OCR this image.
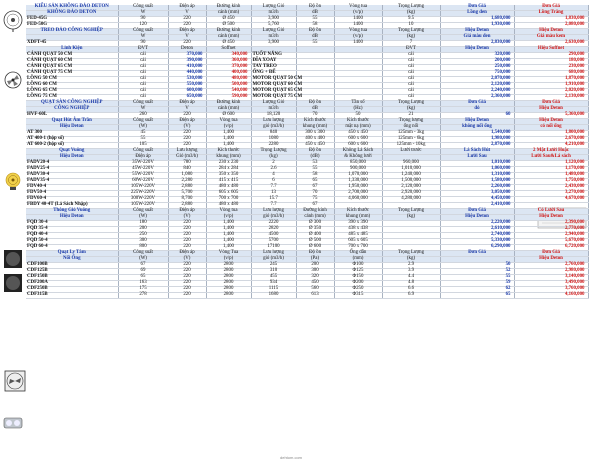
KIỂU SẢN KHÔNG ĐẢO DETON	Công suất	Điện áp	Đường kính	Lượng Gió	Độ ồn	Vòng tua	Trọng Lượng	Đơn Giá	Đơn Giá
KHÔNG ĐẢO DETON	W	V	cánh (mm)	m3/h	dB	(v/p)	(kg)	Lồng đen	Lồng Trắng
FED-45G	90	220	Ø 450	3,900	55	1400	9.5	1,680,000	1,830,000
FED-50G	120	220	Ø 500	5,760	58	1400	10	1,930,000	2,080,000
TREO ĐẢO CÔNG NGHIỆP	Công suất	Điện áp	Đường kính	Lượng Gió	Độ ồn	Vòng tua	Trọng Lượng	Hiệu Deton	Hiệu Deton
	W	V	cánh (mm)	m3/h	dB	(v/p)	(kg)	Giá màu đen	Giá màu kem
XDFT-45	90	220	Ø 450	3,900	55	1400	7	2,830,000	2,630,000
Linh Kiện	ĐVT	Deton	Soffnet				ĐVT	Hiệu Deton	Hiệu Soffnet
CÁNH QUẠT 50 CM	cái	370,000	340,000	TUỐT NĂNG			cái	320,000	290,000
CÁNH QUẠT 60 CM	cái	390,000	360,000	ĐĨA XOAY			cái	200,000	180,000
CÁNH QUẠT 65 CM	cái	410,000	370,000	TAY TREO			cái	250,000	230,000
CÁNH QUẠT 75 CM	cái	440,000	400,000	ỐNG + ĐẾ			cái	750,000	680,000
LỒNG 50 CM	cái	530,000	480,000	MOTOR QUẠT 50 CM			cái	2,070,000	1,870,000
LỒNG 60 CM	cái	550,000	500,000	MOTOR QUẠT 60 CM			cái	2,120,000	1,910,000
LỒNG 65 CM	cái	600,000	540,000	MOTOR QUẠT 65 CM			cái	2,240,000	2,020,000
LỒNG 75 CM	cái	650,000	590,000	MOTOR QUẠT 75 CM			cái	2,360,000	2,130,000
QUẠT SÀN CÔNG NGHIỆP	Công suất	Điện áp	Đường kính	Lượng Gió	Độ ồn	Tần số	Trọng Lượng	Đơn Giá	Đơn Giá
CÔNG NGHIỆP	W	V	cánh (mm)	m3/h	dB	(Hz)	(kg)	đỏ	Hiệu Deton
HVF-60L	260	220	Ø 600	18,120	70	50	21	60	5,360,000
Quạt Hút Âm Trần	Công suất	Điện áp	Vòng tua	Lưu lượng	Kích thước	Kích thước	Trọng lượng	Hiệu Deton	Hiệu Deton
Hiệu Deton	(W)	(V)	(v/p)	gió (m3/h)	khung (mm)	mặt nạ (mm)	ống nối	không nối ống	có nối ống
AT 300	45	220	1,400	840	300 x 300	450 x 450	125mm - 3kg	1,540,000	1,800,000
AT 400-1 (hộp số)	55	220	1,400	1080	400 x 400	600 x 600	125mm - 6kg	1,980,000	2,670,000
AT 600-2 (hộp số)	105	220	1,400	2280	450 x 450	600 x 600	125mm - 10kg	2,870,000	4,210,000
Quạt Vuông	Công suất	Lưu lượng	Kích thước	Trọng Lượng	Độ ồn	Không Lá Sách	Lưới trước	Lá Sách Hút	2 Mặt Lưới Hoặc
Hiệu Deton	Điện áp	Gió (m3/h)	khung (mm)	(kg)	(dB)	& Không lưới		Lưới Sau	Lưới Sau&Lá sách
FADV20-4	35W-220V	780	230 x 230	2	53	850,000	960,000	1,010,000	1,120,000
FADV25-4	45W-220V	840	284 x 284	2.6	55	900,000	1,010,000	1,060,000	1,170,000
FADV30-4	55W-220V	1,080	350 x 350	4	58	1,070,000	1,240,000	1,310,000	1,480,000
FADV35-4	60W-220V	2,280	415 x 415	6	65	1,330,000	1,500,000	1,580,000	1,750,000
FDV40-4	105W-220V	2,880	480 x 480	7.7	67	1,950,000	2,120,000	2,260,000	2,430,000
FDV50-4	225W-220V	5,700	605 x 605	13	70	2,700,000	2,920,000	3,050,000	3,270,000
FDV60-4	300W-220V	8,700	700 x 700	15.7	75	4,060,000	4,280,000	4,450,000	4,670,000
FBDY 40-4T (Lá Sách Nhập)	105W-220V	2,880	480 x 480	7.7	67			2,410,000	
Thông Gió Vuông	Công suất	Điện áp	Vòng tua	Lưu lượng	Đường kính	Kích thước	Trọng Lượng	Đơn Giá	Có Lưới Sau
Hiệu Deton	(W)	(V)	(v/p)	gió (m3/h)	cánh (mm)	khung (mm)	(kg)	Hiệu Deton	Hiệu Deton
FQD 30-4	180	220	1,400	2220	Ø 300	390 x 390		2,220,000	2,390,000
FQD 35-4	200	220	1,400	2820	Ø 350	438 x 438		2,610,000	2,770,000
FQD 40-4	250	220	1,400	4500	Ø 400	485 x 485		2,740,000	2,940,000
FQD 50-4	300	220	1,400	5700	Ø 500	605 x 605		5,330,000	5,670,000
FQD 60-4	800	220	1,400	17100	Ø 600	700 x 700		6,290,000	6,720,000
Quạt Ly Tâm	Công suất	Điện áp	Vòng Tua	Lưu lượng	Độ ồn	Ống dẫn	Trọng Lượng	Đơn Giá	Đơn Giá
Nối Ống	(W)	(V)	(v/p)	gió (m3/h)	(Pa)	(mm)	(kg)		Hiệu Deton
CDF100B	67	220	2800	245	200	Φ100	2.9	50	2,760,000
CDF125B	69	220	2800	310	300	Φ125	3.9	52	2,980,000
CDF150B	65	220	2800	455	320	Φ150	4.4	55	3,140,000
CDF200A	163	220	2800	934	450	Φ200	4.8	59	3,490,000
CDF250B	175	220	2800	1115	560	Φ250	6.6	62	3,760,000
CDF315B	278	220	2800	1680	613	Φ315	6.9	65	4,160,000
dehtom.com
